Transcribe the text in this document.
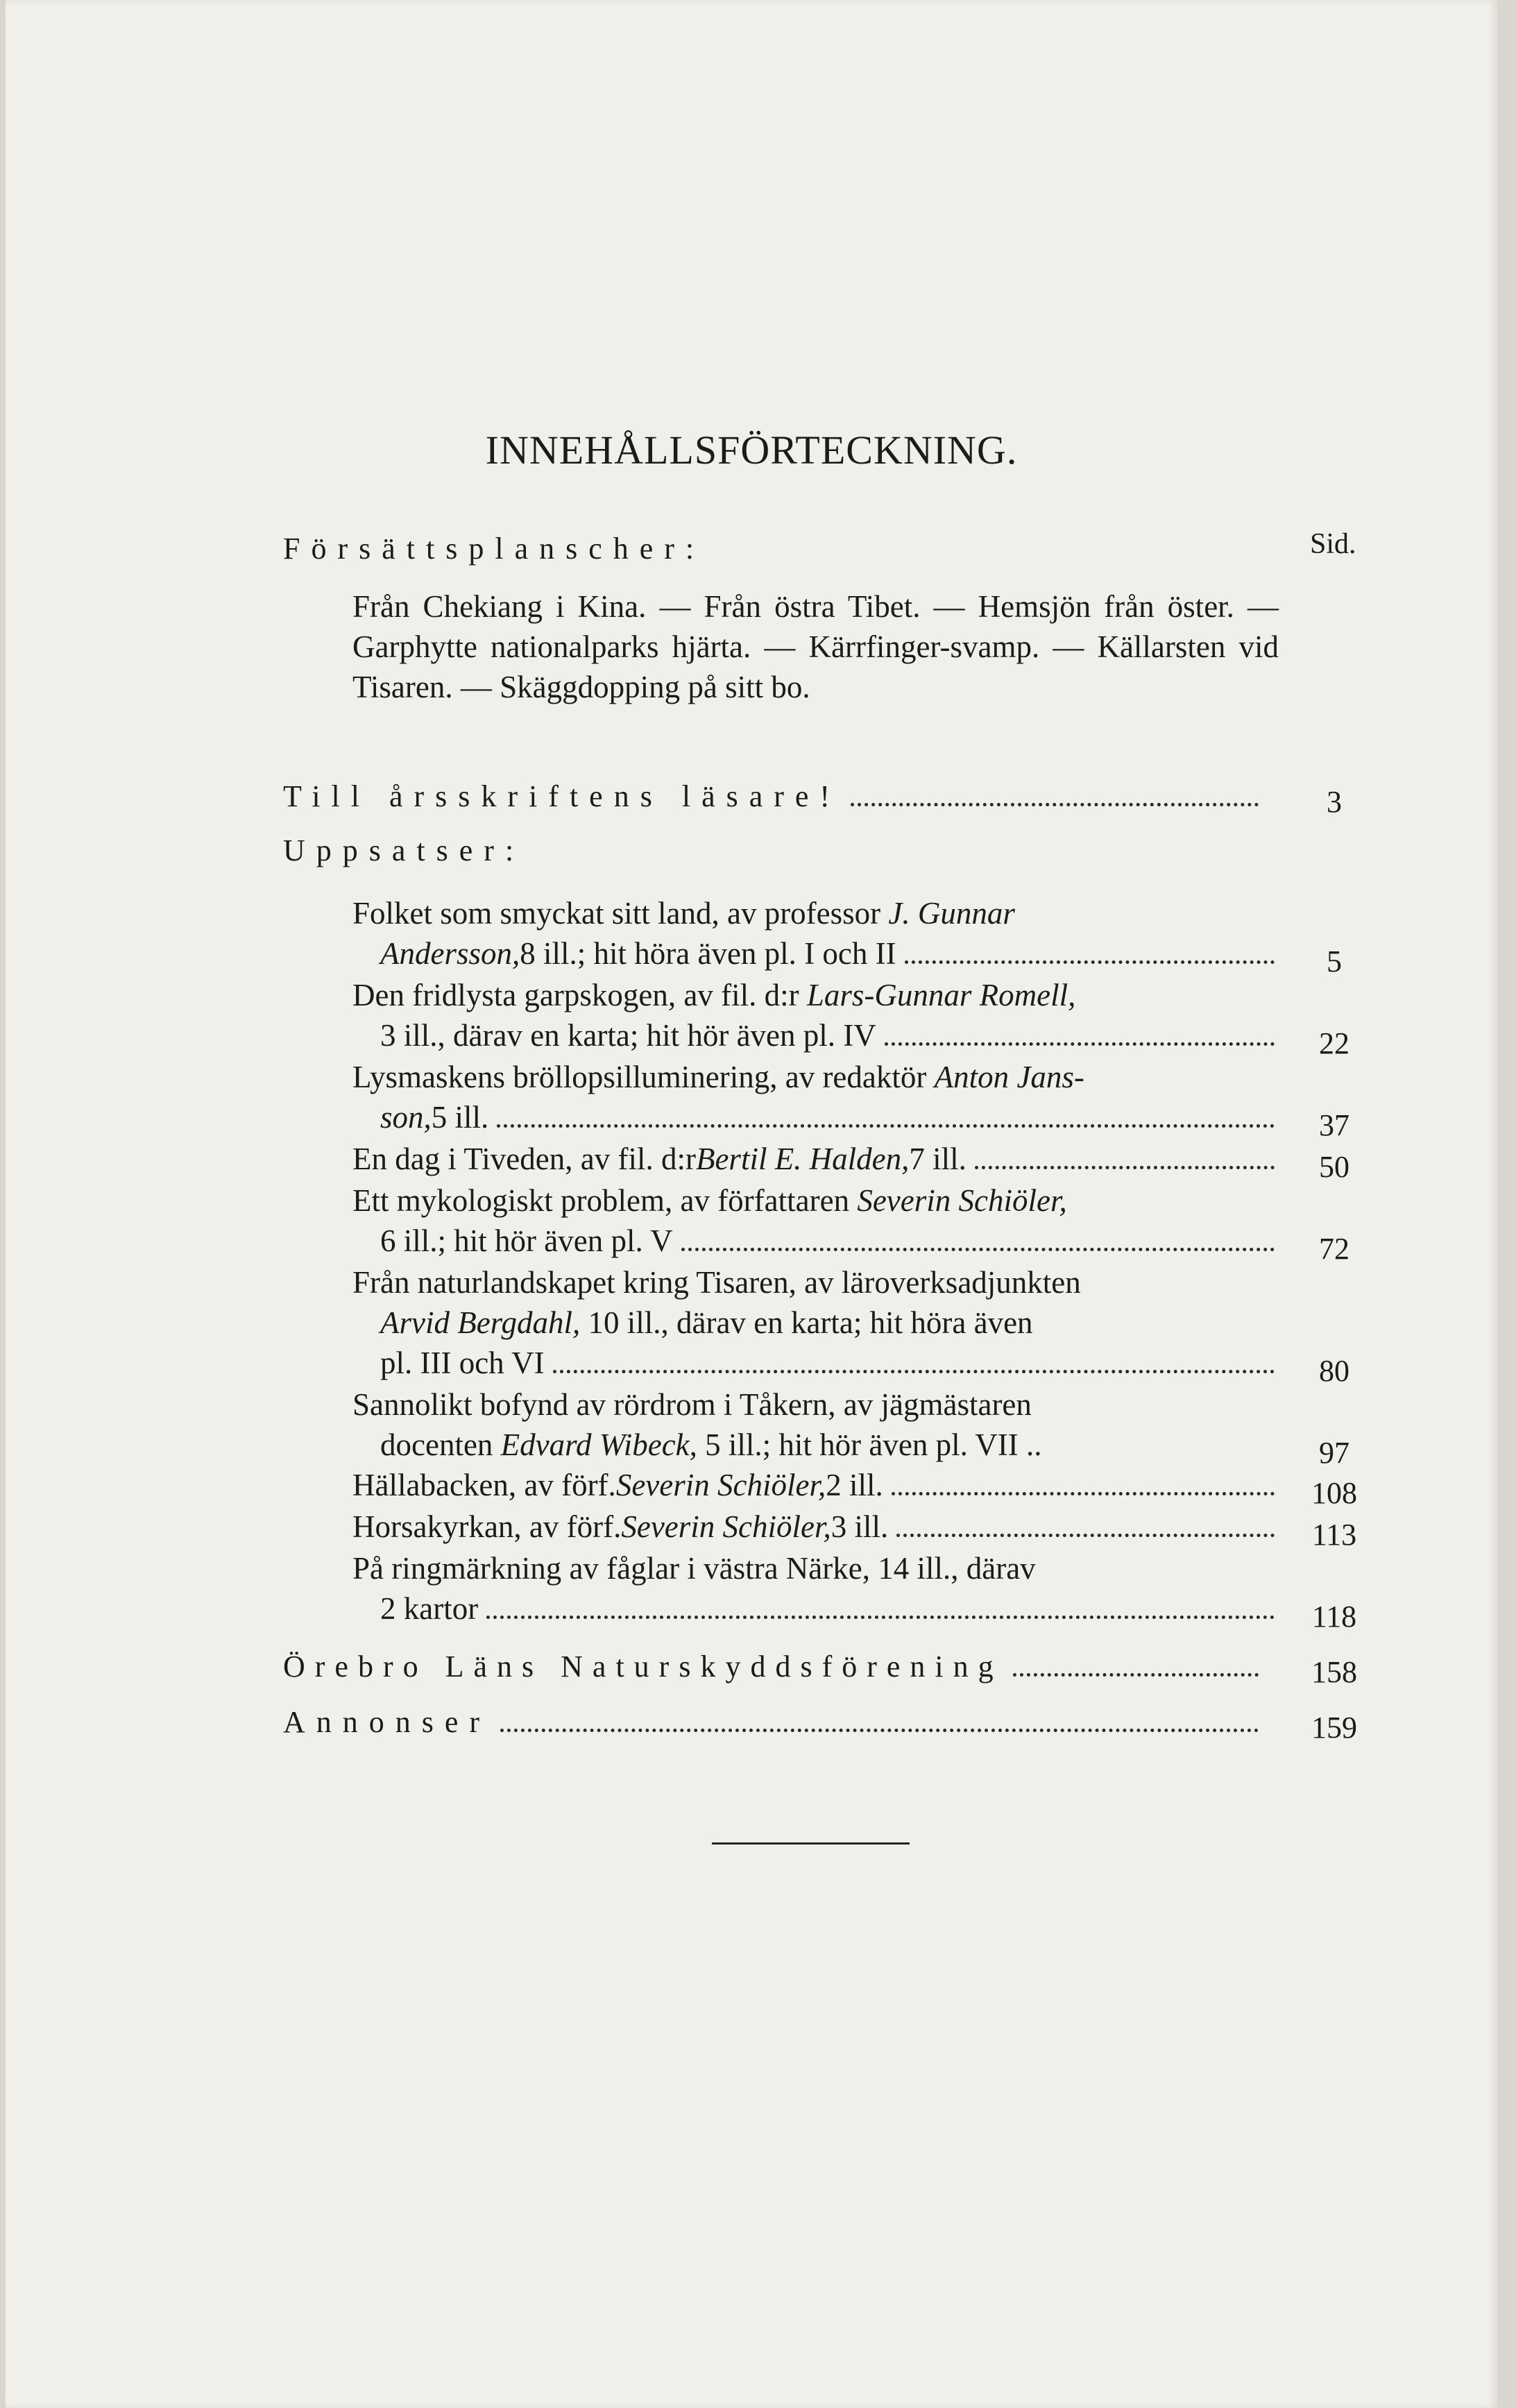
INNEHÅLLSFÖRTECKNING.
Sid.
Försättsplanscher:
Från Chekiang i Kina. — Från östra Tibet. — Hemsjön från öster. — Garphytte nationalparks hjärta. — Kärrfinger-svamp. — Källarsten vid Tisaren. — Skäggdopping på sitt bo.
Till årsskriftens läsare!	3
Uppsatser:
Folket som smyckat sitt land, av professor J. Gunnar
Andersson, 8 ill.; hit höra även pl. I och II	5
Den fridlysta garpskogen, av fil. d:r Lars-Gunnar Romell,
3 ill., därav en karta; hit hör även pl. IV	22
Lysmaskens bröllopsilluminering, av redaktör Anton Jans-
son, 5 ill.	37
En dag i Tiveden, av fil. d:r Bertil E. Halden, 7 ill.	50
Ett mykologiskt problem, av författaren Severin Schiöler,
6 ill.; hit hör även pl. V	72
Från naturlandskapet kring Tisaren, av läroverksadjunkten
Arvid Bergdahl, 10 ill., därav en karta; hit höra även
pl. III och VI	80
Sannolikt bofynd av rördrom i Tåkern, av jägmästaren
docenten Edvard Wibeck, 5 ill.; hit hör även pl. VII ..	97
Hällabacken, av förf. Severin Schiöler, 2 ill.	108
Horsakyrkan, av förf. Severin Schiöler, 3 ill.	113
På ringmärkning av fåglar i västra Närke, 14 ill., därav
2 kartor	118
Örebro Läns Naturskyddsförening	158
Annonser	159
